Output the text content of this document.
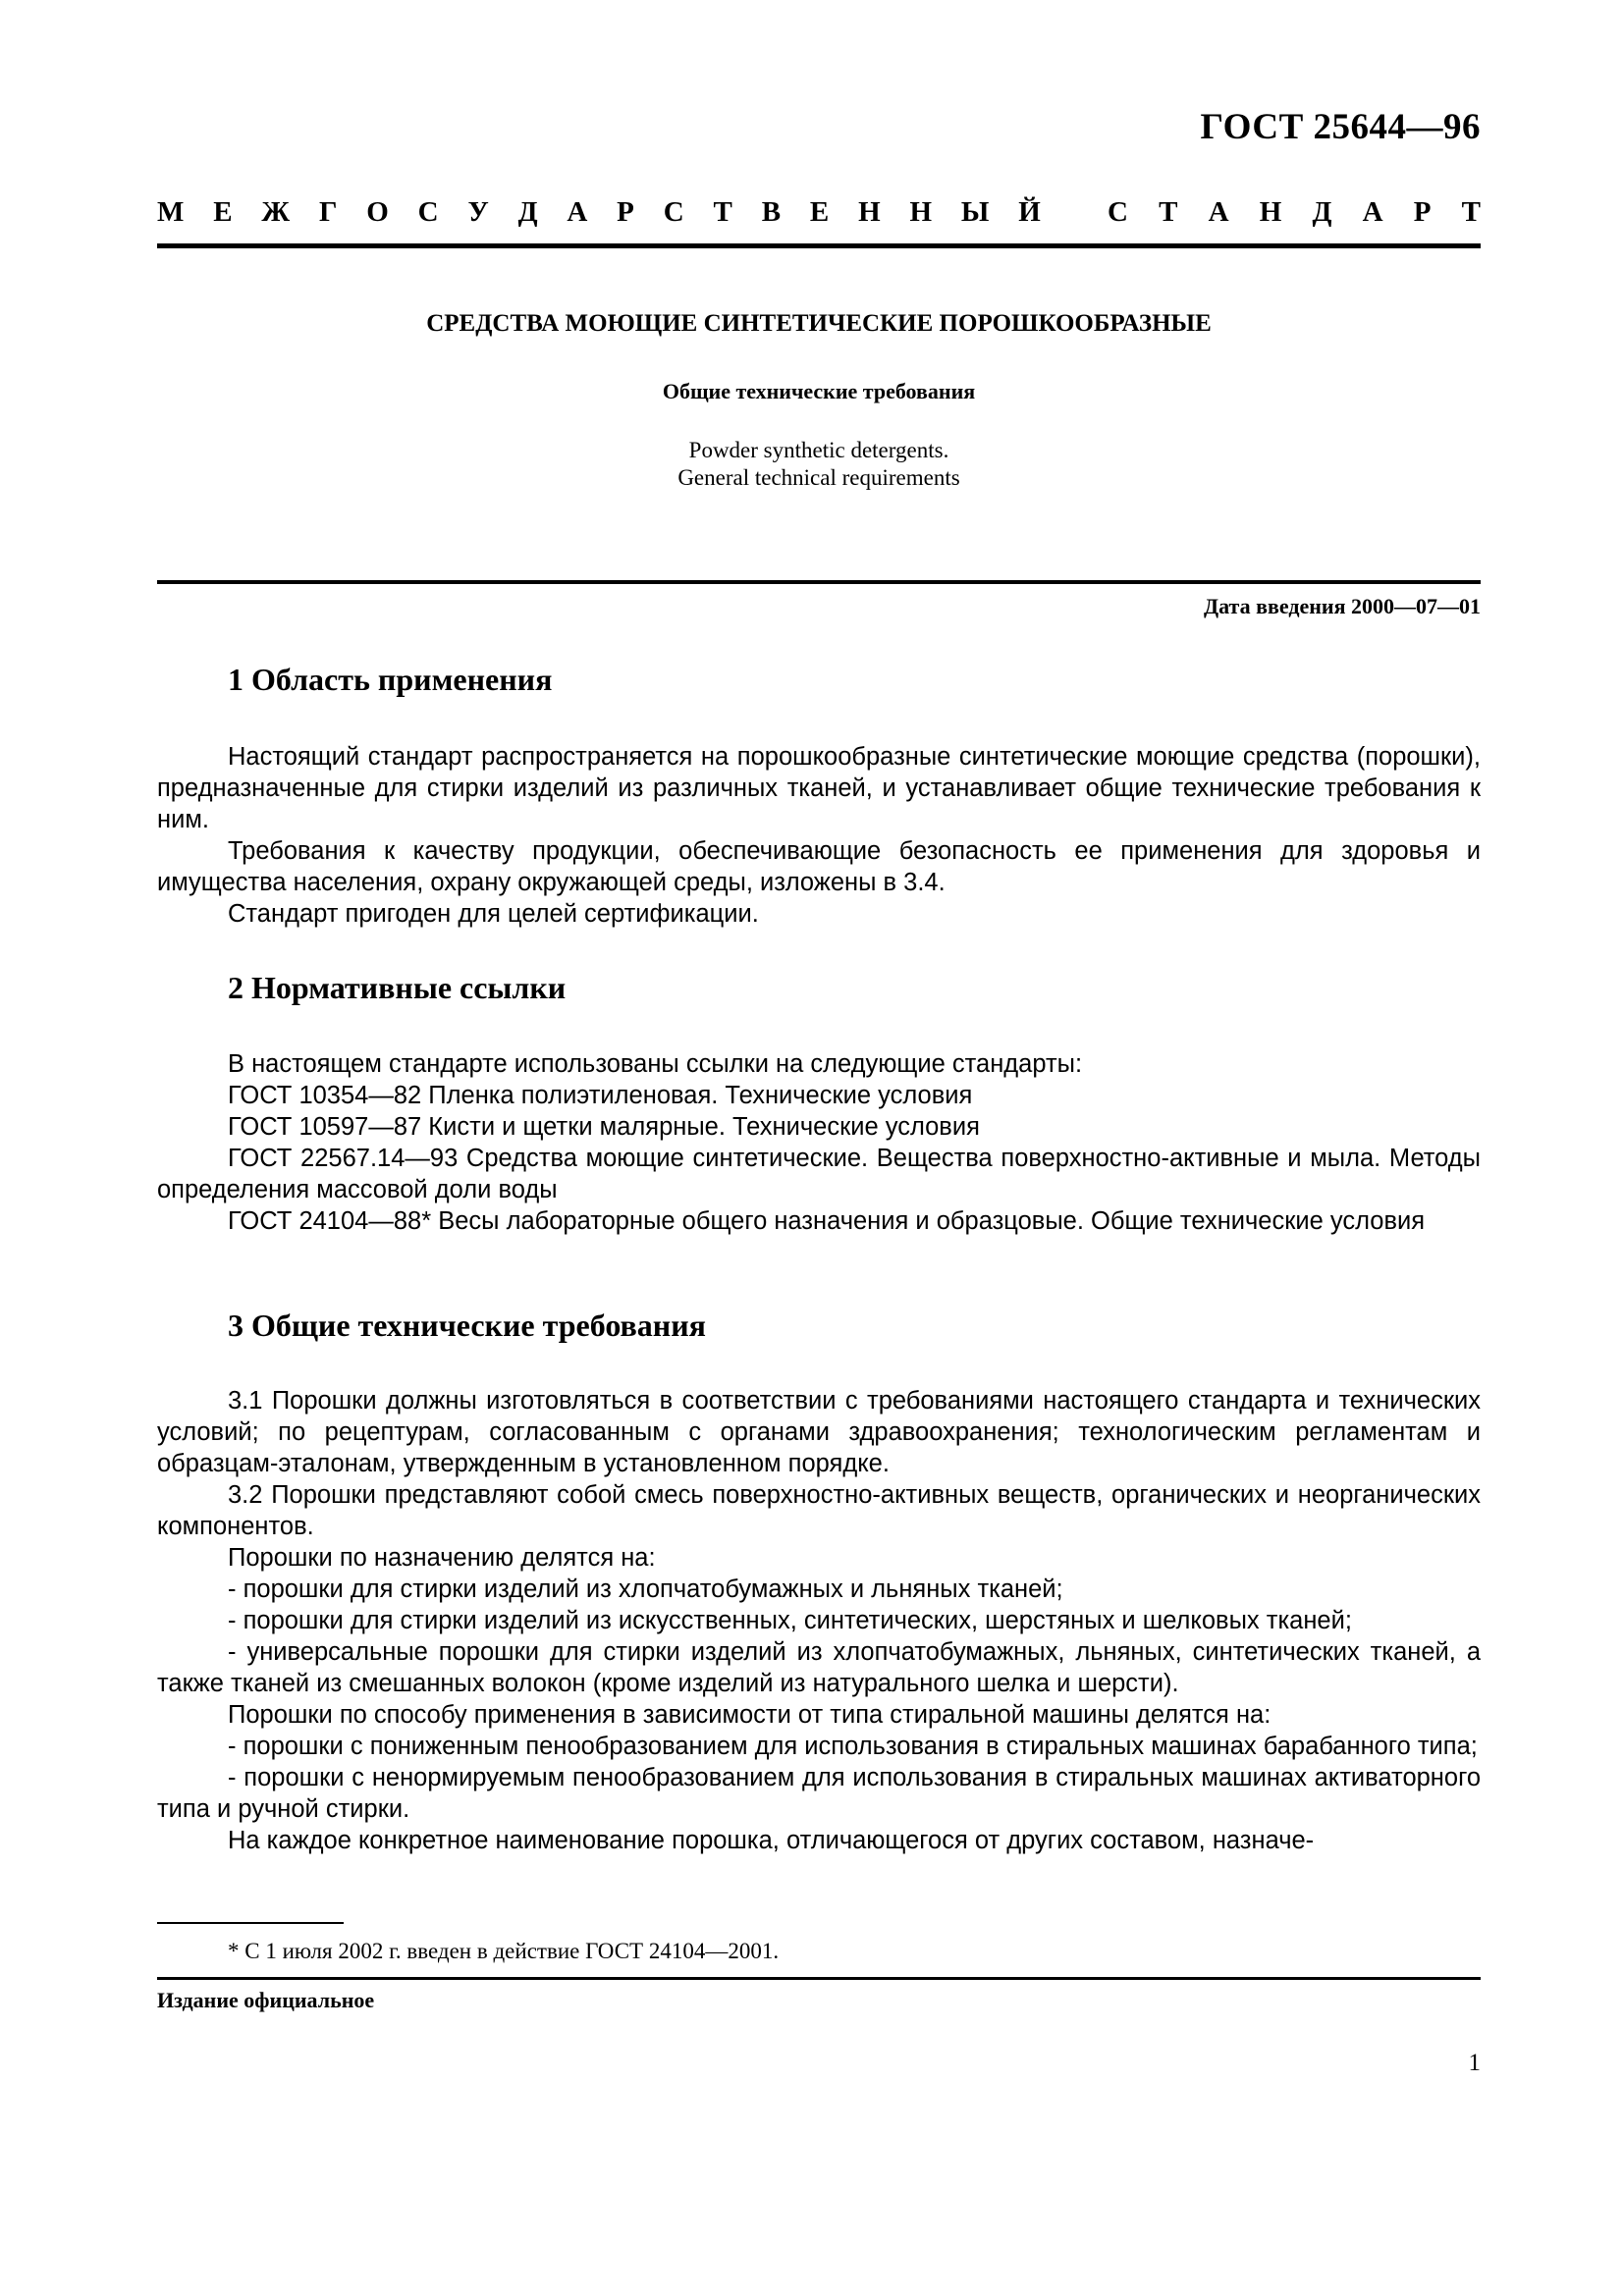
ГОСТ 25644—96
М Е Ж Г О С У Д А Р С Т В Е Н Н Ы Й С Т А Н Д А Р Т
СРЕДСТВА МОЮЩИЕ СИНТЕТИЧЕСКИЕ ПОРОШКООБРАЗНЫЕ
Общие технические требования
Powder synthetic detergents.
General technical requirements
Дата введения 2000—07—01
1 Область применения

Настоящий стандарт распространяется на порошкообразные синтетические моющие средства (порошки), предназначенные для стирки изделий из различных тканей, и устанавливает общие технические требования к ним.

Требования к качеству продукции, обеспечивающие безопасность ее применения для здоровья и имущества населения, охрану окружающей среды, изложены в 3.4.

Стандарт пригоден для целей сертификации.

2 Нормативные ссылки

В настоящем стандарте использованы ссылки на следующие стандарты:

ГОСТ 10354—82 Пленка полиэтиленовая. Технические условия

ГОСТ 10597—87 Кисти и щетки малярные. Технические условия

ГОСТ 22567.14—93 Средства моющие синтетические. Вещества поверхностно-активные и мыла. Методы определения массовой доли воды

ГОСТ 24104—88* Весы лабораторные общего назначения и образцовые. Общие технические условия

3 Общие технические требования

3.1 Порошки должны изготовляться в соответствии с требованиями настоящего стандарта и технических условий; по рецептурам, согласованным с органами здравоохранения; технологическим регламентам и образцам-эталонам, утвержденным в установленном порядке.

3.2 Порошки представляют собой смесь поверхностно-активных веществ, органических и неорганических компонентов.

Порошки по назначению делятся на:

- порошки для стирки изделий из хлопчатобумажных и льняных тканей;

- порошки для стирки изделий из искусственных, синтетических, шерстяных и шелковых тканей;

- универсальные порошки для стирки изделий из хлопчатобумажных, льняных, синтетических тканей, а также тканей из смешанных волокон (кроме изделий из натурального шелка и шерсти).

Порошки по способу применения в зависимости от типа стиральной машины делятся на:

- порошки с пониженным пенообразованием для использования в стиральных машинах барабанного типа;

- порошки с ненормируемым пенообразованием для использования в стиральных машинах активаторного типа и ручной стирки.

На каждое конкретное наименование порошка, отличающегося от других составом, назначе-

* С 1 июля 2002 г. введен в действие ГОСТ 24104—2001.
Издание официальное
1
